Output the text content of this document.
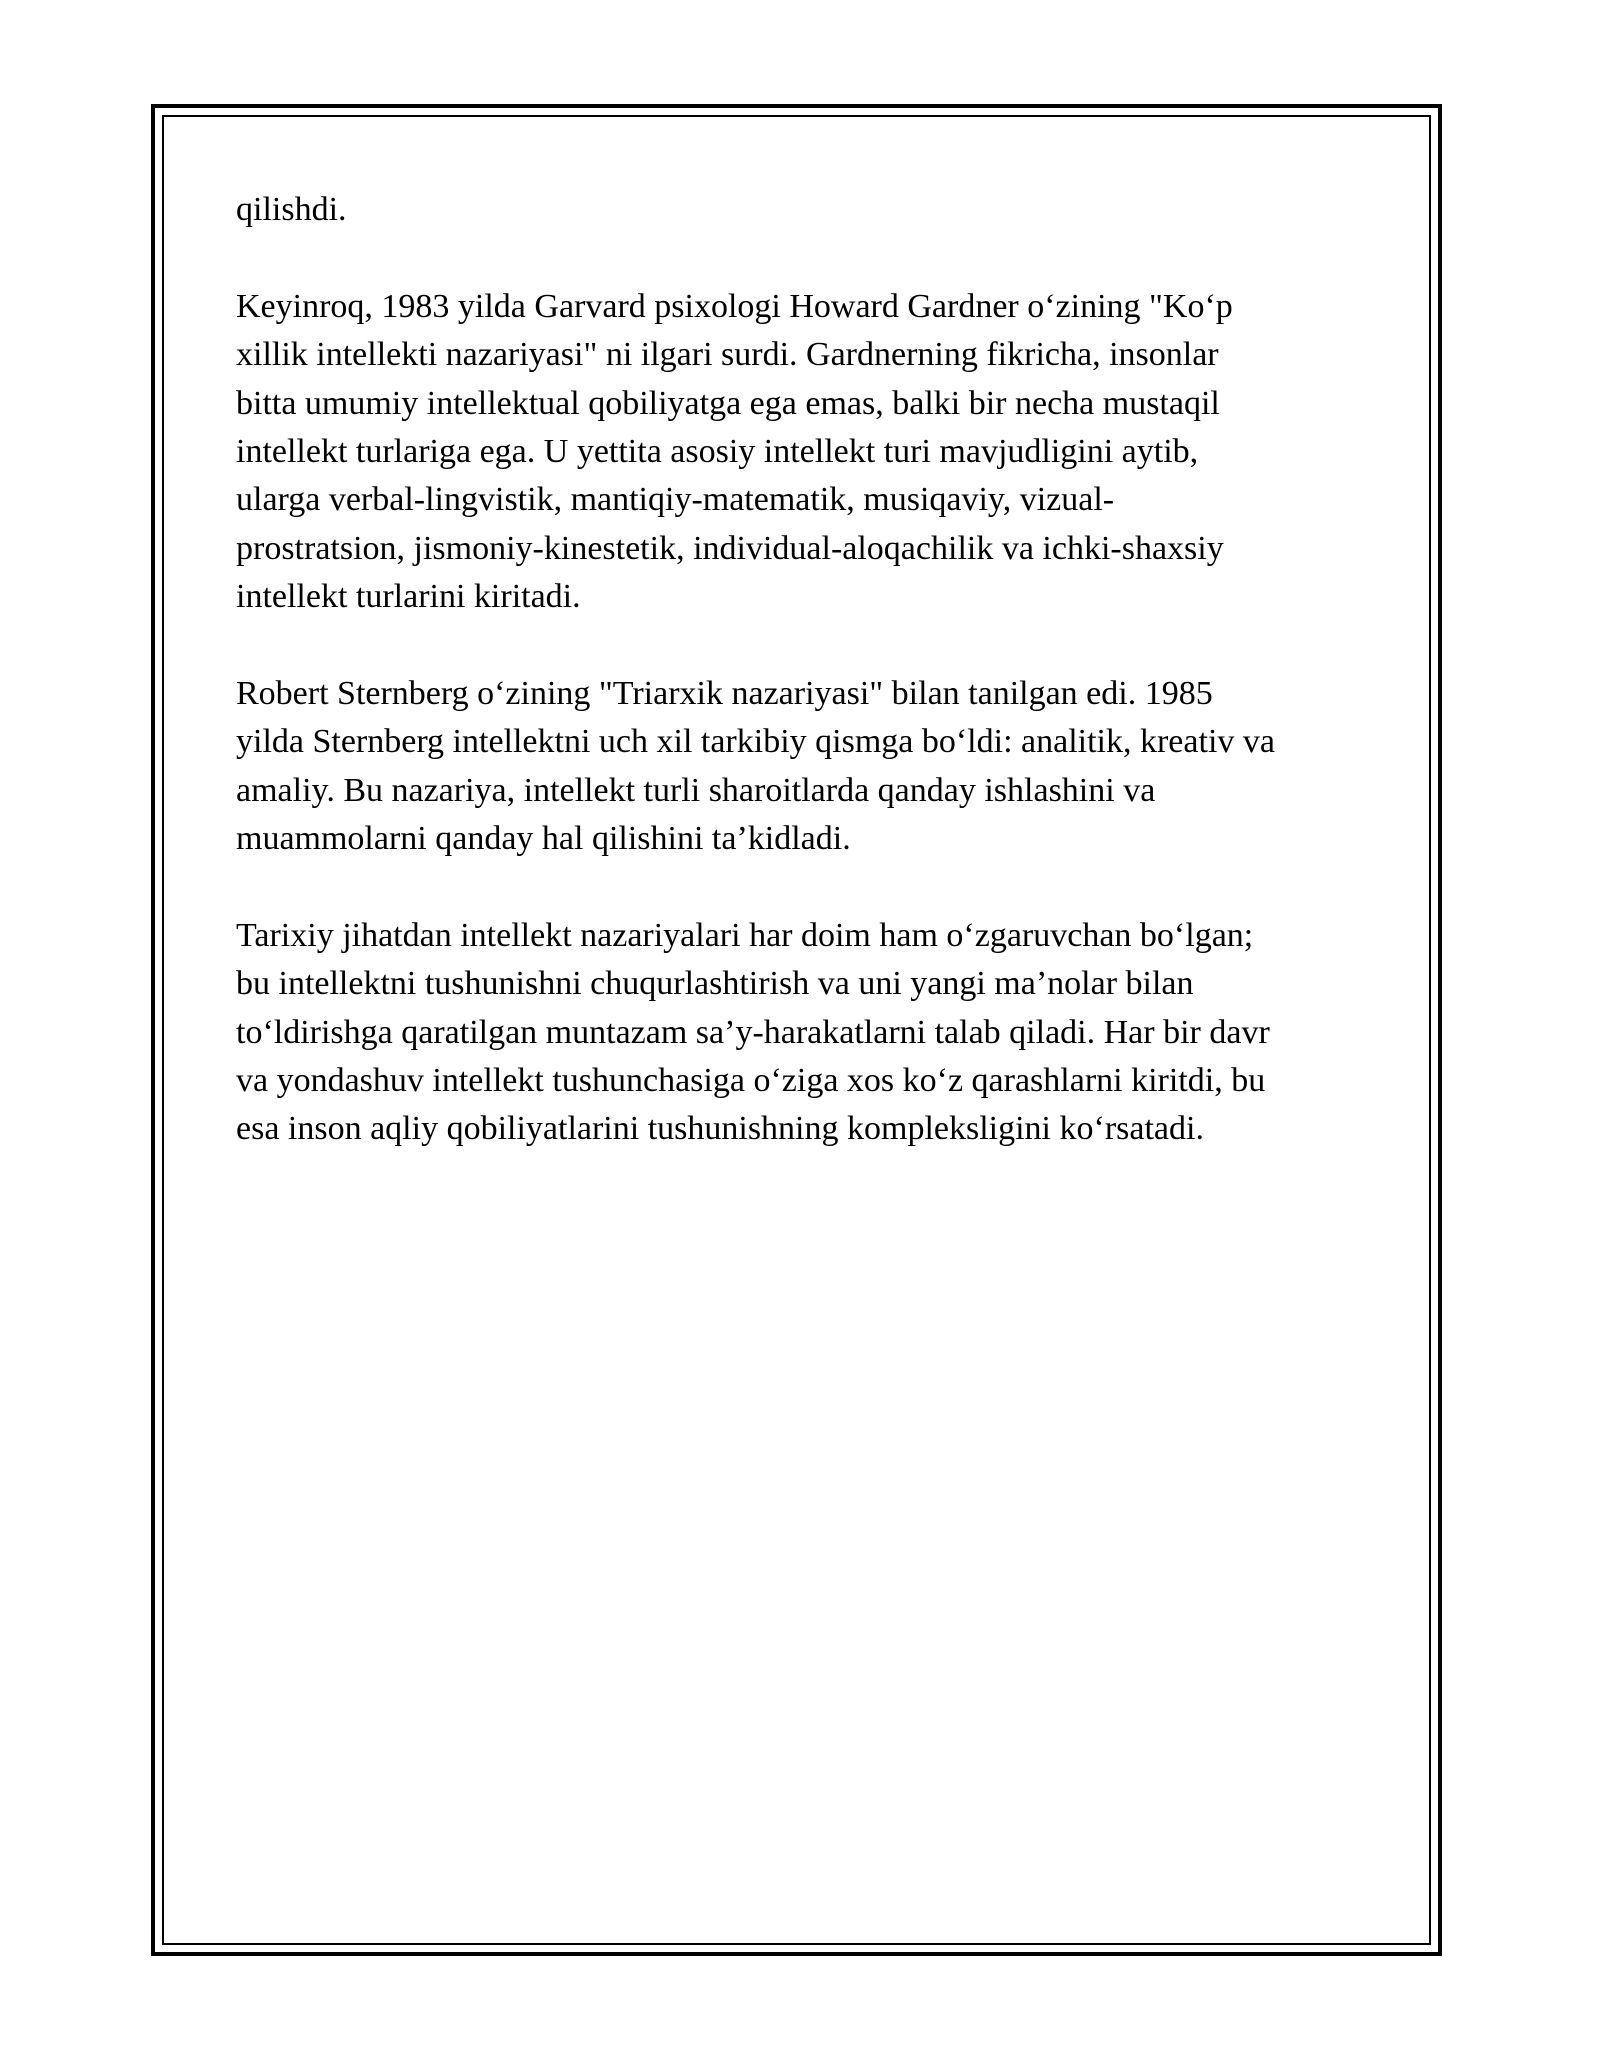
qilishdi.

Keyinroq, 1983 yilda Garvard psixologi Howard Gardner o‘zining "Ko‘p
xillik intellekti nazariyasi" ni ilgari surdi. Gardnerning fikricha, insonlar
bitta umumiy intellektual qobiliyatga ega emas, balki bir necha mustaqil
intellekt turlariga ega. U yettita asosiy intellekt turi mavjudligini aytib,
ularga verbal-lingvistik, mantiqiy-matematik, musiqaviy, vizual-
prostratsion, jismoniy-kinestetik, individual-aloqachilik va ichki-shaxsiy
intellekt turlarini kiritadi.

Robert Sternberg o‘zining "Triarxik nazariyasi" bilan tanilgan edi. 1985
yilda Sternberg intellektni uch xil tarkibiy qismga bo‘ldi: analitik, kreativ va
amaliy. Bu nazariya, intellekt turli sharoitlarda qanday ishlashini va
muammolarni qanday hal qilishini ta’kidladi.

Tarixiy jihatdan intellekt nazariyalari har doim ham o‘zgaruvchan bo‘lgan;
bu intellektni tushunishni chuqurlashtirish va uni yangi ma’nolar bilan
to‘ldirishga qaratilgan muntazam sa’y-harakatlarni talab qiladi. Har bir davr
va yondashuv intellekt tushunchasiga o‘ziga xos ko‘z qarashlarni kiritdi, bu
esa inson aqliy qobiliyatlarini tushunishning kompleksligini ko‘rsatadi.
